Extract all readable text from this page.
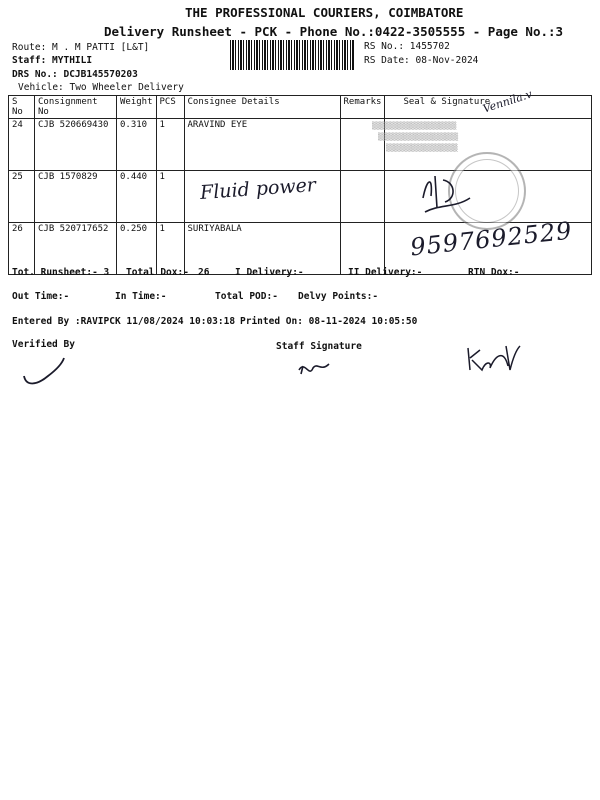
THE PROFESSIONAL COURIERS, COIMBATORE
Delivery Runsheet - PCK - Phone No.:0422-3505555 - Page No.:3
Route: M . M PATTI [L&T]
Staff: MYTHILI
DRS No.: DCJB145570203
Vehicle: Two Wheeler Delivery
RS No.: 1455702
RS Date: 08-Nov-2024
S No	Consignment No	Weight	PCS	Consignee Details	Remarks	Seal & Signature
24	CJB 520669430	0.310	1	ARAVIND EYE		
25	CJB 1570829	0.440	1			
26	CJB 520717652	0.250	1	SURIYABALA		
▒▒▒▒▒▒▒▒▒▒▒▒▒▒▒▒▒▒▒▒
▒▒▒▒▒▒▒▒▒▒▒▒▒▒▒▒▒▒▒
▒▒▒▒▒▒▒▒▒▒▒▒▒▒▒▒▒
Fluid power
9597692529
Vennila.v
Tot. Runsheet:- 3 Total Dox:- 26	I Delivery:-	II Delivery:-	RTN Dox:-
Out Time:-	In Time:-	Total POD:- Delvy Points:-
Entered By :RAVIPCK 11/08/2024 10:03:18 Printed On: 08-11-2024 10:05:50
Verified By	Staff Signature
